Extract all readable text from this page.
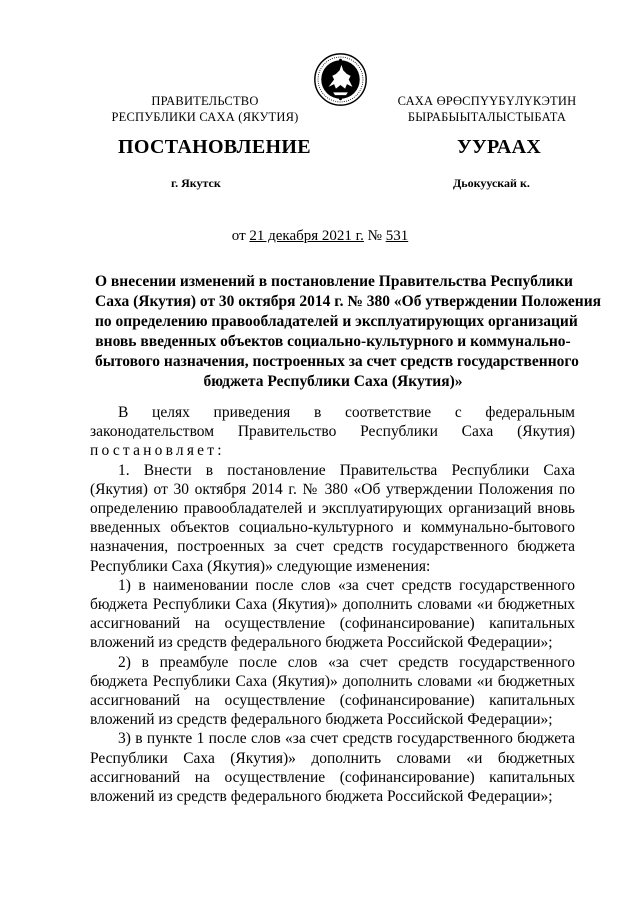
ПРАВИТЕЛЬСТВО
РЕСПУБЛИКИ САХА (ЯКУТИЯ)
САХА ӨРӨСПҮҮБҮЛҮКЭТИН
БЫРАБЫЫТАЛЫСТЫБАТА
ПОСТАНОВЛЕНИЕ	УУРААХ
г. Якутск	Дьокуускай к.
от 21 декабря 2021 г. № 531
О внесении изменений в постановление Правительства Республики
Саха (Якутия) от 30 октября 2014 г. № 380 «Об утверждении Положения
по определению правообладателей и эксплуатирующих организаций
вновь введенных объектов социально-культурного и коммунально-
бытового назначения, построенных за счет средств государственного
бюджета Республики Саха (Якутия)»

В целях приведения в соответствие с федеральным законодательством Правительство Республики Саха (Якутия) постановляет:

1. Внести в постановление Правительства Республики Саха (Якутия) от 30 октября 2014 г. № 380 «Об утверждении Положения по определению правообладателей и эксплуатирующих организаций вновь введенных объектов социально-культурного и коммунально-бытового назначения, построенных за счет средств государственного бюджета Республики Саха (Якутия)» следующие изменения:

1) в наименовании после слов «за счет средств государственного бюджета Республики Саха (Якутия)» дополнить словами «и бюджетных ассигнований на осуществление (софинансирование) капитальных вложений из средств федерального бюджета Российской Федерации»;

2) в преамбуле после слов «за счет средств государственного бюджета Республики Саха (Якутия)» дополнить словами «и бюджетных ассигнований на осуществление (софинансирование) капитальных вложений из средств федерального бюджета Российской Федерации»;

3) в пункте 1 после слов «за счет средств государственного бюджета Республики Саха (Якутия)» дополнить словами «и бюджетных ассигнований на осуществление (софинансирование) капитальных вложений из средств федерального бюджета Российской Федерации»;
